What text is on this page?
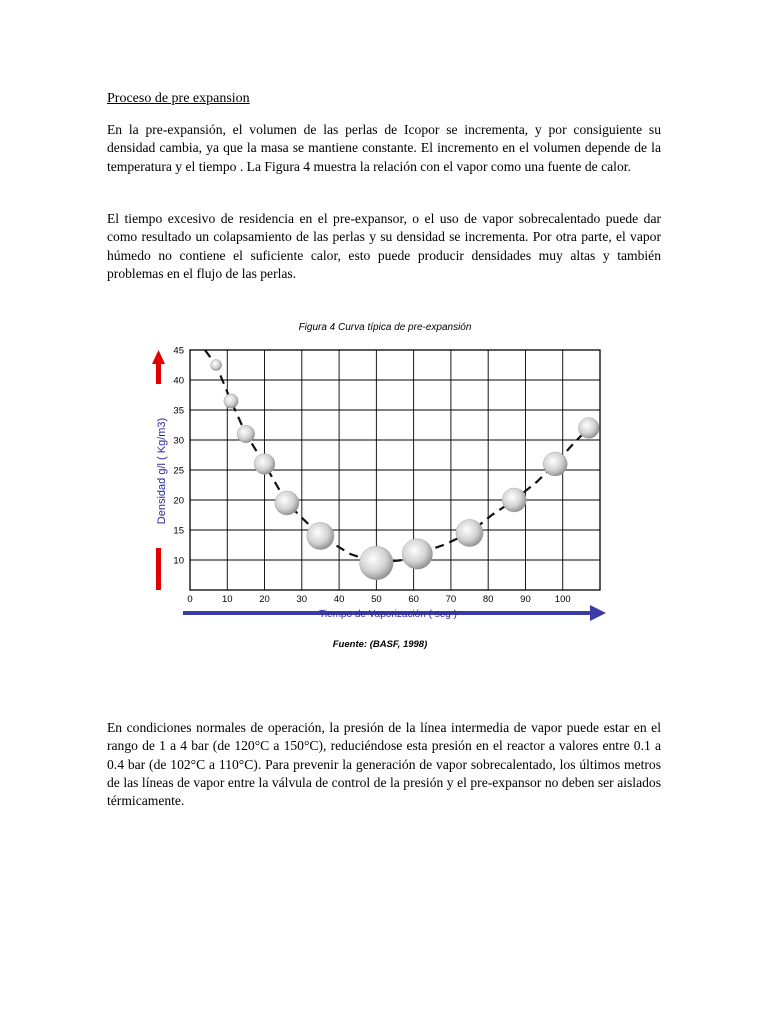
Proceso de pre expansion

En la pre-expansión, el volumen de las perlas de Icopor se incrementa, y por consiguiente su densidad cambia, ya que la masa se mantiene constante. El incremento en el volumen depende de la temperatura y el tiempo . La Figura 4 muestra la relación con el vapor como una fuente de calor.

El tiempo excesivo de residencia en el pre-expansor, o el uso de vapor sobrecalentado puede dar como resultado un colapsamiento de las perlas y su densidad se incrementa. Por otra parte, el vapor húmedo no contiene el suficiente calor, esto puede producir densidades muy altas y también problemas en el flujo de las perlas.

Figura 4 Curva típica de pre-expansión
0	10	20	30	40	50	60	70	80	90	100
10
15
20
25
30
35
40
45
Densidad g/l ( Kg/m3)
Tiempo de Vaporización ( seg )
Fuente: (BASF, 1998)

En condiciones normales de operación, la presión de la línea intermedia de vapor puede estar en el rango de 1 a 4 bar (de 120°C a 150°C), reduciéndose esta presión en el reactor a valores entre 0.1 a 0.4 bar (de 102°C a 110°C). Para prevenir la generación de vapor sobrecalentado, los últimos metros de las líneas de vapor entre la válvula de control de la presión y el pre-expansor no deben ser aislados térmicamente.
